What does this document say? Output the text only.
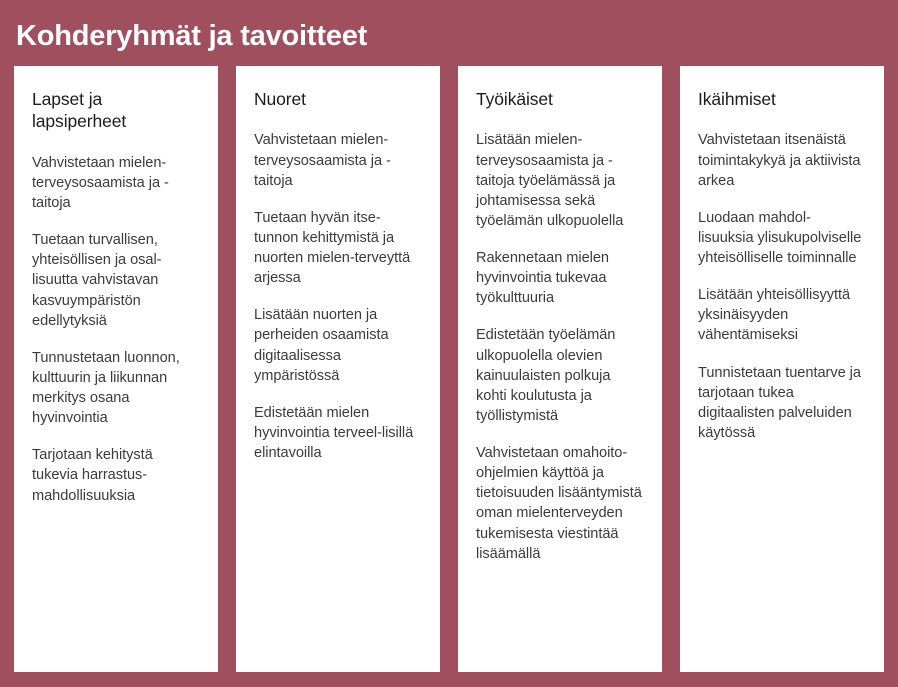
Kohderyhmät ja tavoitteet
Lapset ja lapsiperheet
Vahvistetaan mielen-terveysosaamista ja -taitoja
Tuetaan turvallisen, yhteisöllisen ja osal-lisuutta vahvistavan kasvuympäristön edellytyksiä
Tunnustetaan luonnon, kulttuurin ja liikunnan merkitys osana hyvinvointia
Tarjotaan kehitystä tukevia harrastus-mahdollisuuksia
Nuoret
Vahvistetaan mielen-terveysosaamista ja -taitoja
Tuetaan hyvän itse-tunnon kehittymistä ja nuorten mielen-terveyttä arjessa
Lisätään nuorten ja perheiden osaamista digitaalisessa ympäristössä
Edistetään mielen hyvinvointia terveel-lisillä elintavoilla
Työikäiset
Lisätään mielen-terveysosaamista ja -taitoja työelämässä ja johtamisessa sekä työelämän ulkopuolella
Rakennetaan mielen hyvinvointia tukevaa työkulttuuria
Edistetään työelämän ulkopuolella olevien kainuulaisten polkuja kohti koulutusta ja työllistymistä
Vahvistetaan omahoito-ohjelmien käyttöä ja tietoisuuden lisääntymistä oman mielenterveyden tukemisesta viestintää lisäämällä
Ikäihmiset
Vahvistetaan itsenäistä toimintakykyä ja aktiivista arkea
Luodaan mahdol-lisuuksia ylisukupolviselle yhteisölliselle toiminnalle
Lisätään yhteisöllisyyttä yksinäisyyden vähentämiseksi
Tunnistetaan tuentarve ja tarjotaan tukea digitaalisten palveluiden käytössä
